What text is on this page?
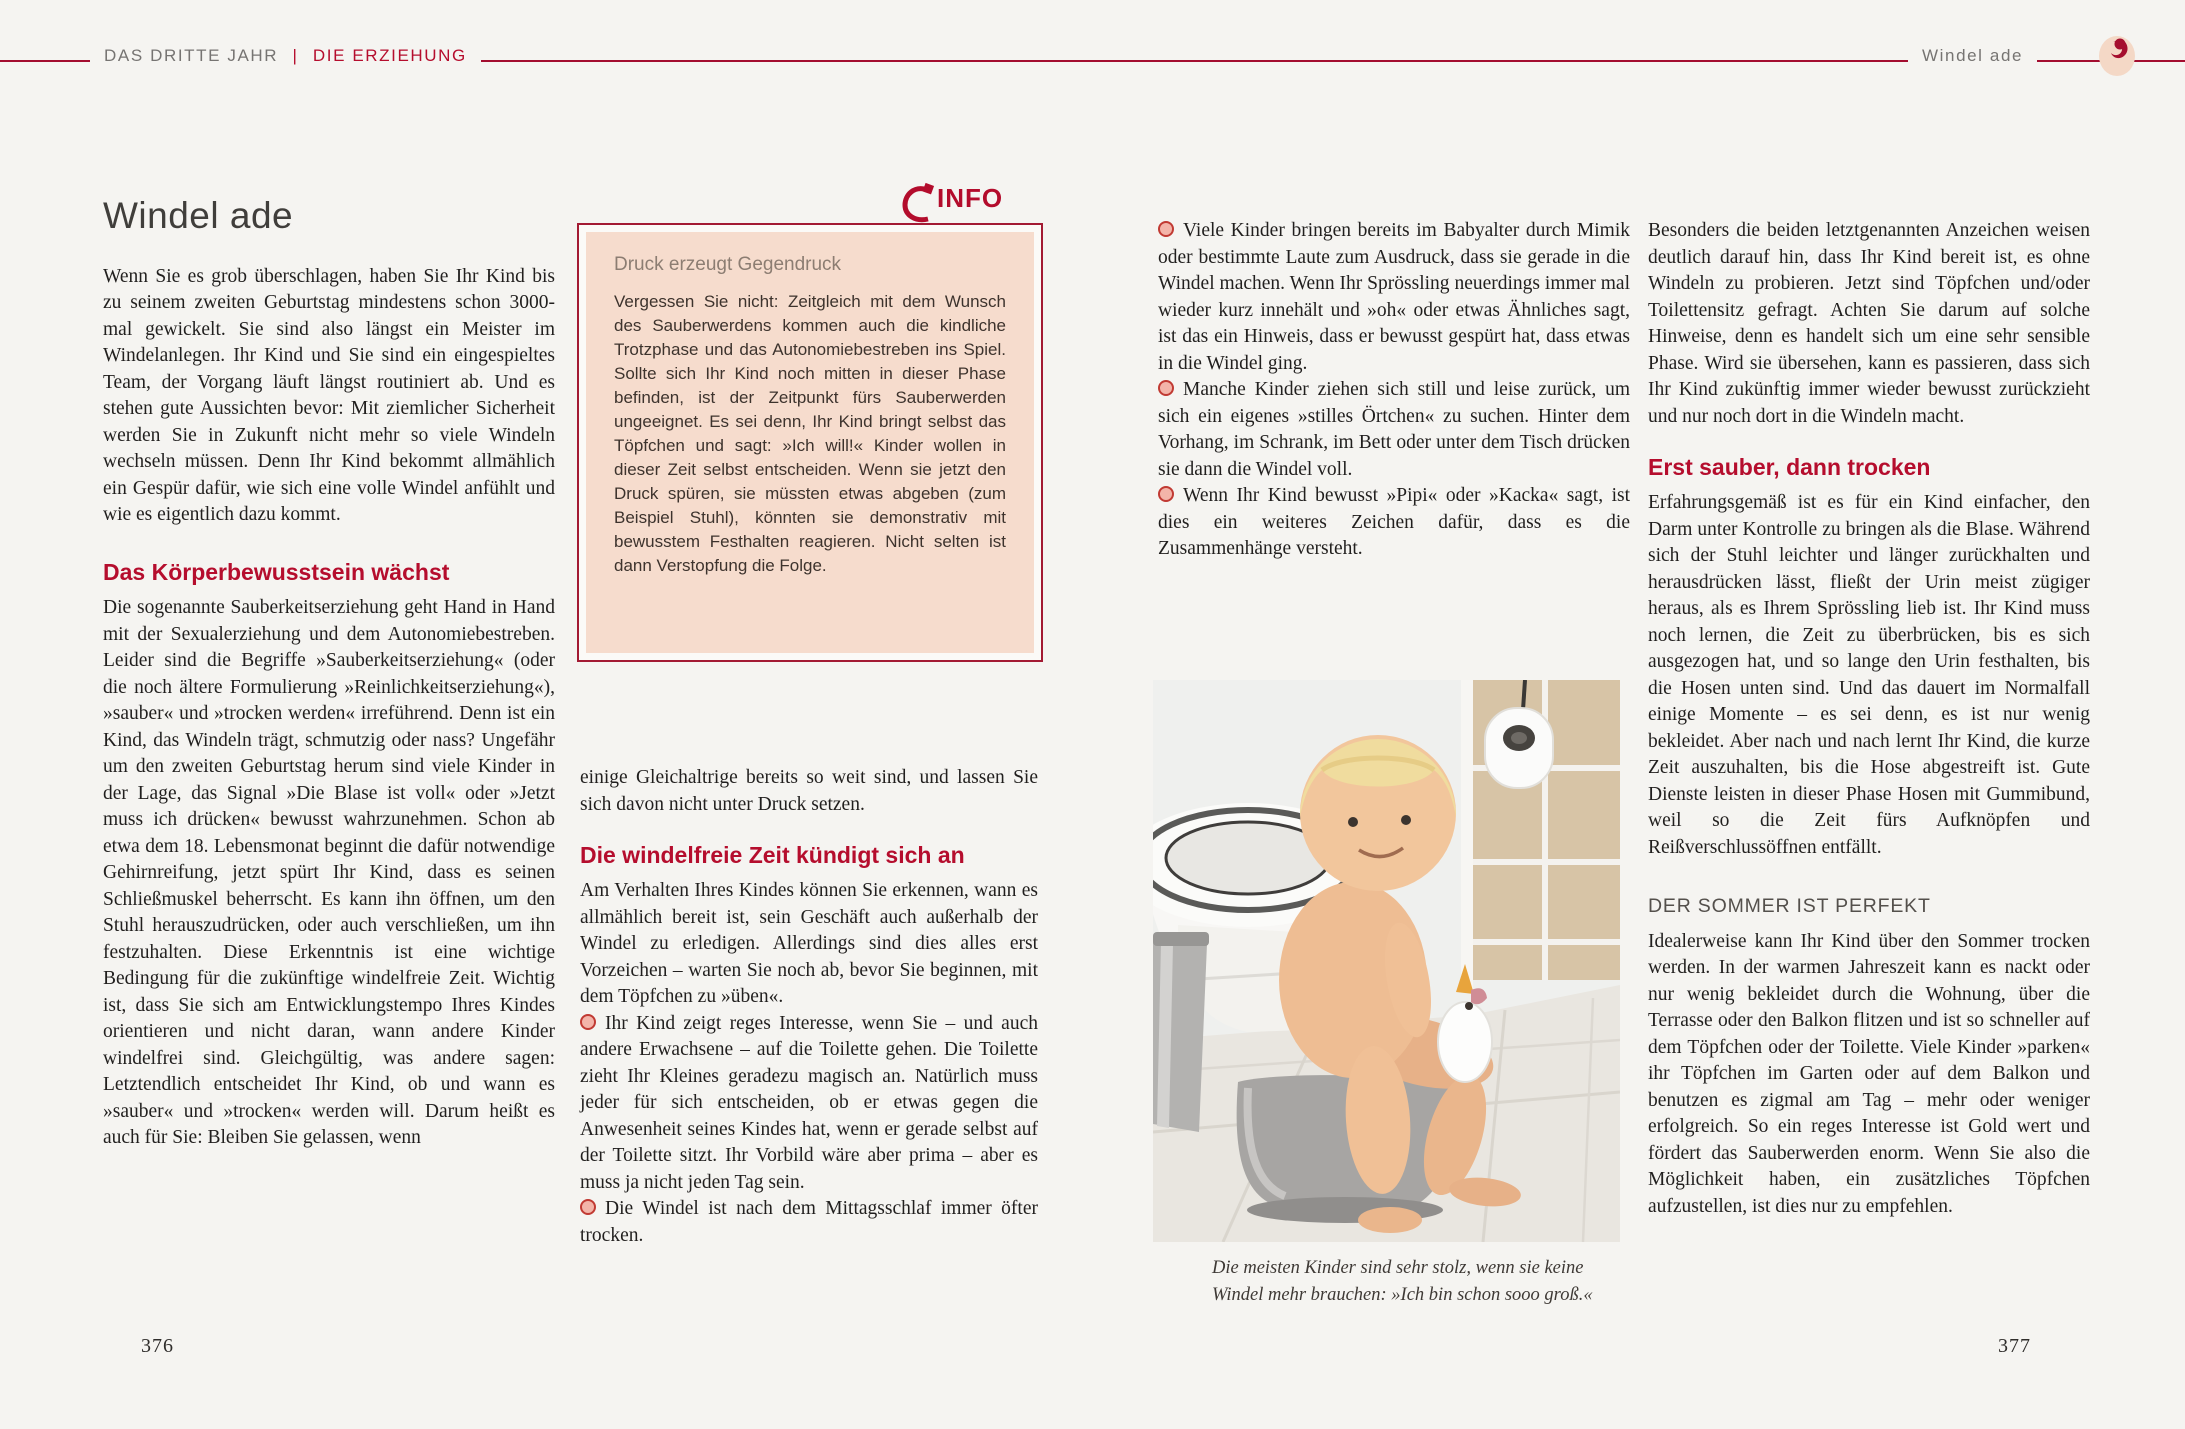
DAS DRITTE JAHR | DIE ERZIEHUNG	Windel ade
Windel ade

Wenn Sie es grob überschlagen, haben Sie Ihr Kind bis zu seinem zweiten Geburtstag mindestens schon 3000-mal gewickelt. Sie sind also längst ein Meister im Windelanlegen. Ihr Kind und Sie sind ein eingespieltes Team, der Vorgang läuft längst routiniert ab. Und es stehen gute Aussichten bevor: Mit ziemlicher Sicherheit werden Sie in Zukunft nicht mehr so viele Windeln wechseln müssen. Denn Ihr Kind bekommt allmählich ein Gespür dafür, wie sich eine volle Windel anfühlt und wie es eigentlich dazu kommt.

Das Körperbewusstsein wächst

Die sogenannte Sauberkeitserziehung geht Hand in Hand mit der Sexualerziehung und dem Autonomiebestreben. Leider sind die Begriffe »Sauberkeitserziehung« (oder die noch ältere Formulierung »Reinlichkeitserziehung«), »sauber« und »trocken werden« irreführend. Denn ist ein Kind, das Windeln trägt, schmutzig oder nass? Ungefähr um den zweiten Geburtstag herum sind viele Kinder in der Lage, das Signal »Die Blase ist voll« oder »Jetzt muss ich drücken« bewusst wahrzunehmen. Schon ab etwa dem 18. Lebensmonat beginnt die dafür notwendige Gehirnreifung, jetzt spürt Ihr Kind, dass es seinen Schließmuskel beherrscht. Es kann ihn öffnen, um den Stuhl herauszudrücken, oder auch verschließen, um ihn festzuhalten. Diese Erkenntnis ist eine wichtige Bedingung für die zukünftige windelfreie Zeit. Wichtig ist, dass Sie sich am Entwicklungstempo Ihres Kindes orientieren und nicht daran, wann andere Kinder windelfrei sind. Gleichgültig, was andere sagen: Letztendlich entscheidet Ihr Kind, ob und wann es »sauber« und »trocken« werden will. Darum heißt es auch für Sie: Bleiben Sie gelassen, wenn

INFO

Druck erzeugt Gegendruck

Vergessen Sie nicht: Zeitgleich mit dem Wunsch des Sauberwerdens kommen auch die kindliche Trotzphase und das Autonomiebestreben ins Spiel. Sollte sich Ihr Kind noch mitten in dieser Phase befinden, ist der Zeitpunkt fürs Sauberwerden ungeeignet. Es sei denn, Ihr Kind bringt selbst das Töpfchen und sagt: »Ich will!« Kinder wollen in dieser Zeit selbst entscheiden. Wenn sie jetzt den Druck spüren, sie müssten etwas abgeben (zum Beispiel Stuhl), könnten sie demonstrativ mit bewusstem Festhalten reagieren. Nicht selten ist dann Verstopfung die Folge.

einige Gleichaltrige bereits so weit sind, und lassen Sie sich davon nicht unter Druck setzen.

Die windelfreie Zeit kündigt sich an

Am Verhalten Ihres Kindes können Sie erkennen, wann es allmählich bereit ist, sein Geschäft auch außerhalb der Windel zu erledigen. Allerdings sind dies alles erst Vorzeichen – warten Sie noch ab, bevor Sie beginnen, mit dem Töpfchen zu »üben«.

Ihr Kind zeigt reges Interesse, wenn Sie – und auch andere Erwachsene – auf die Toilette gehen. Die Toilette zieht Ihr Kleines geradezu magisch an. Natürlich muss jeder für sich entscheiden, ob er etwas gegen die Anwesenheit seines Kindes hat, wenn er gerade selbst auf der Toilette sitzt. Ihr Vorbild wäre aber prima – aber es muss ja nicht jeden Tag sein.

Die Windel ist nach dem Mittagsschlaf immer öfter trocken.

Viele Kinder bringen bereits im Babyalter durch Mimik oder bestimmte Laute zum Ausdruck, dass sie gerade in die Windel machen. Wenn Ihr Sprössling neuerdings immer mal wieder kurz innehält und »oh« oder etwas Ähnliches sagt, ist das ein Hinweis, dass er bewusst gespürt hat, dass etwas in die Windel ging.

Manche Kinder ziehen sich still und leise zurück, um sich ein eigenes »stilles Örtchen« zu suchen. Hinter dem Vorhang, im Schrank, im Bett oder unter dem Tisch drücken sie dann die Windel voll.

Wenn Ihr Kind bewusst »Pipi« oder »Kacka« sagt, ist dies ein weiteres Zeichen dafür, dass es die Zusammenhänge versteht.

Die meisten Kinder sind sehr stolz, wenn sie keine Windel mehr brauchen: »Ich bin schon sooo groß.«

Besonders die beiden letztgenannten Anzeichen weisen deutlich darauf hin, dass Ihr Kind bereit ist, es ohne Windeln zu probieren. Jetzt sind Töpfchen und/oder Toilettensitz gefragt. Achten Sie darum auf solche Hinweise, denn es handelt sich um eine sehr sensible Phase. Wird sie übersehen, kann es passieren, dass sich Ihr Kind zukünftig immer wieder bewusst zurückzieht und nur noch dort in die Windeln macht.

Erst sauber, dann trocken

Erfahrungsgemäß ist es für ein Kind einfacher, den Darm unter Kontrolle zu bringen als die Blase. Während sich der Stuhl leichter und länger zurückhalten und herausdrücken lässt, fließt der Urin meist zügiger heraus, als es Ihrem Sprössling lieb ist. Ihr Kind muss noch lernen, die Zeit zu überbrücken, bis es sich ausgezogen hat, und so lange den Urin festhalten, bis die Hosen unten sind. Und das dauert im Normalfall einige Momente – es sei denn, es ist nur wenig bekleidet. Aber nach und nach lernt Ihr Kind, die kurze Zeit auszuhalten, bis die Hose abgestreift ist. Gute Dienste leisten in dieser Phase Hosen mit Gummibund, weil so die Zeit fürs Aufknöpfen und Reißverschlussöffnen entfällt.

DER SOMMER IST PERFEKT

Idealerweise kann Ihr Kind über den Sommer trocken werden. In der warmen Jahreszeit kann es nackt oder nur wenig bekleidet durch die Wohnung, über die Terrasse oder den Balkon flitzen und ist so schneller auf dem Töpfchen oder der Toilette. Viele Kinder »parken« ihr Töpfchen im Garten oder auf dem Balkon und benutzen es zigmal am Tag – mehr oder weniger erfolgreich. So ein reges Interesse ist Gold wert und fördert das Sauberwerden enorm. Wenn Sie also die Möglichkeit haben, ein zusätzliches Töpfchen aufzustellen, ist dies nur zu empfehlen.

376	377
